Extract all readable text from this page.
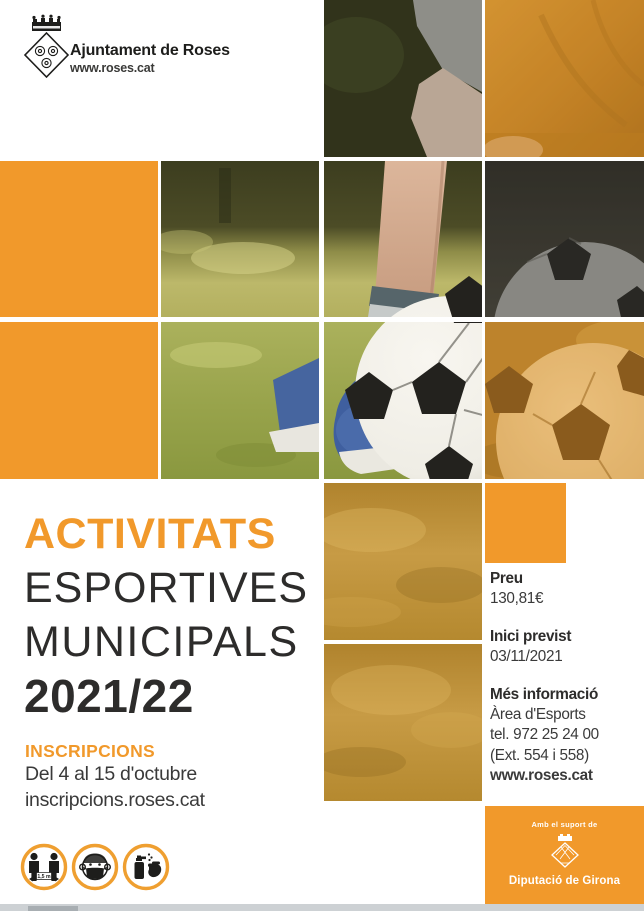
Ajuntament de Roses
www.roses.cat
ACTIVITATS
ESPORTIVES
MUNICIPALS
2021/22
INSCRIPCIONS
Del 4 al 15 d'octubre
inscripcions.roses.cat
Preu
130,81€
Inici previst
03/11/2021
Més informació
Àrea d'Esports
tel. 972 25 24 00
(Ext. 554 i 558)
www.roses.cat
Amb el suport de
Diputació de Girona
1,5 m
